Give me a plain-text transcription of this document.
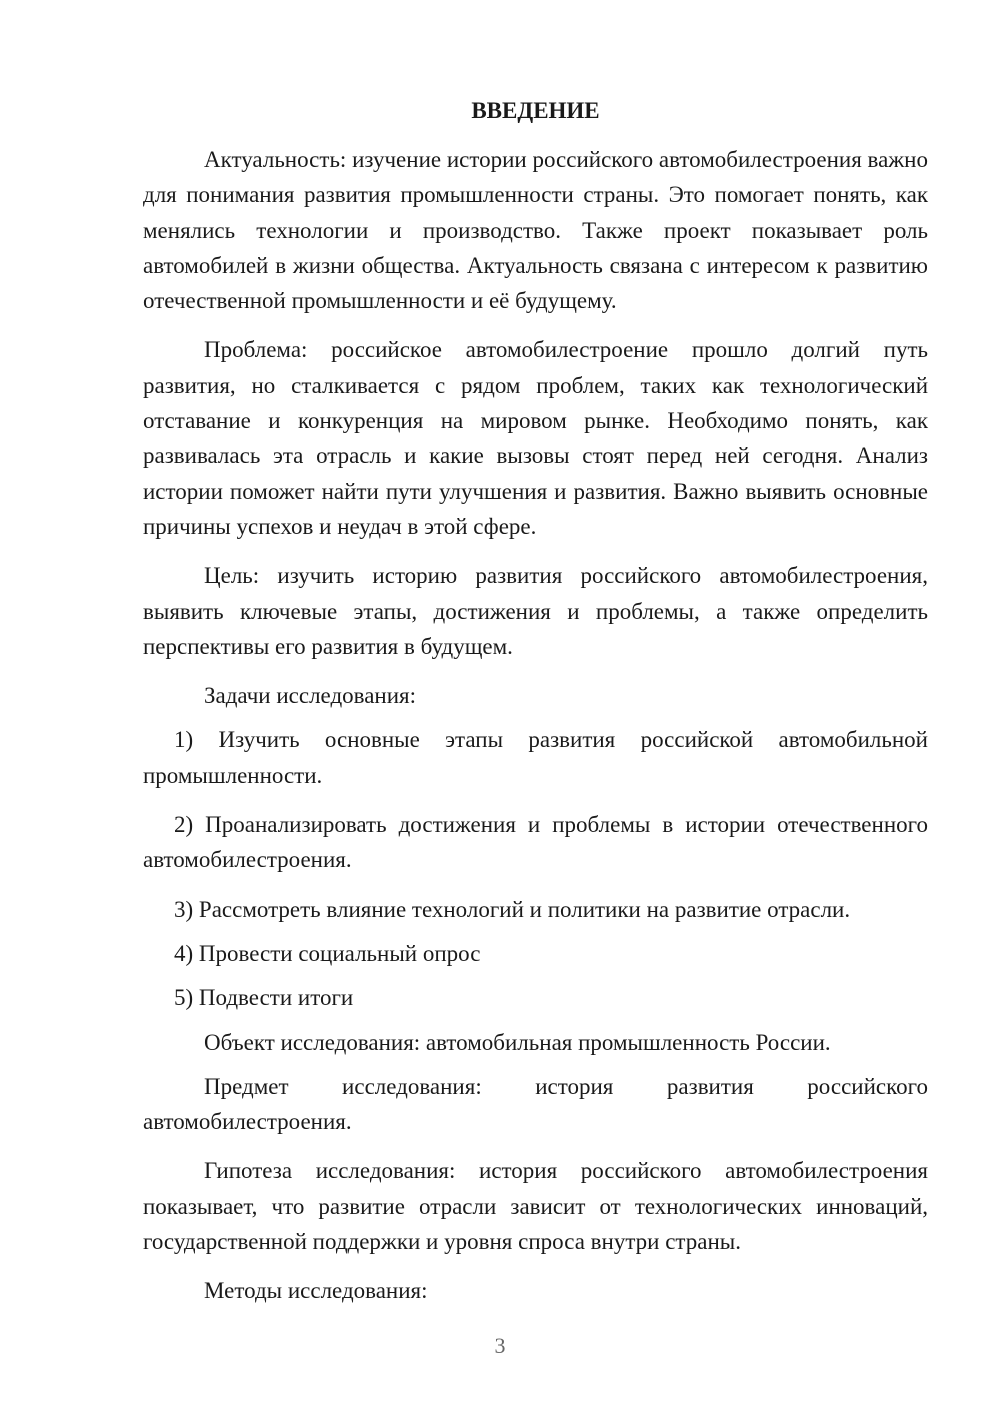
ВВЕДЕНИЕ
Актуальность: изучение истории российского автомобилестроения важно для понимания развития промышленности страны. Это помогает понять, как менялись технологии и производство. Также проект показывает роль автомобилей в жизни общества. Актуальность связана с интересом к развитию отечественной промышленности и её будущему.
Проблема: российское автомобилестроение прошло долгий путь развития, но сталкивается с рядом проблем, таких как технологический отставание и конкуренция на мировом рынке. Необходимо понять, как развивалась эта отрасль и какие вызовы стоят перед ней сегодня. Анализ истории поможет найти пути улучшения и развития. Важно выявить основные причины успехов и неудач в этой сфере.
Цель: изучить историю развития российского автомобилестроения, выявить ключевые этапы, достижения и проблемы, а также определить перспективы его развития в будущем.
Задачи исследования:
1) Изучить основные этапы развития российской автомобильной промышленности.
2) Проанализировать достижения и проблемы в истории отечественного автомобилестроения.
3) Рассмотреть влияние технологий и политики на развитие отрасли.
4) Провести социальный опрос
5) Подвести итоги
Объект исследования: автомобильная промышленность России.
Предмет исследования: история развития российского автомобилестроения.
Гипотеза исследования: история российского автомобилестроения показывает, что развитие отрасли зависит от технологических инноваций, государственной поддержки и уровня спроса внутри страны.
Методы исследования:
3
